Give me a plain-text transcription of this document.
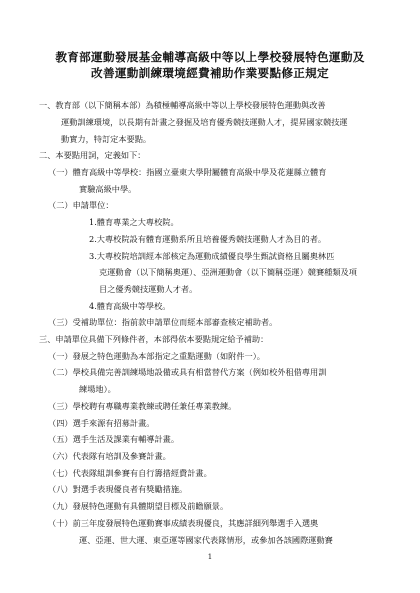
教育部運動發展基金輔導高級中等以上學校發展特色運動及
改善運動訓練環境經費補助作業要點修正規定
一、教育部（以下簡稱本部）為積極輔導高級中等以上學校發展特色運動與改善
運動訓練環境，以長期有計畫之發掘及培育優秀競技運動人才，提昇國家競技運
動實力，特訂定本要點。
二、本要點用詞，定義如下：
（一）體育高級中等學校：指國立臺東大學附屬體育高級中學及花蓮縣立體育
實驗高級中學。
（二）申請單位：
1.體育專業之大專校院。
2.大專校院設有體育運動系所且培養優秀競技運動人才為目的者。
3.大專校院培訓經本部核定為運動成績優良學生甄試資格且屬奧林匹
克運動會（以下簡稱奧運）、亞洲運動會（以下簡稱亞運）競賽種類及項
目之優秀競技運動人才者。
4.體育高級中等學校。
（三）受補助單位：指前款申請單位而經本部審查核定補助者。
三、申請單位具備下列條件者，本部得依本要點規定給予補助：
（一）發展之特色運動為本部指定之重點運動（如附件一）。
（二）學校具備完善訓練場地設備或具有相當替代方案（例如校外租借專用訓
練場地）。
（三）學校聘有專職專業教練或聘任兼任專業教練。
（四）選手來源有招募計畫。
（五）選手生活及課業有輔導計畫。
（六）代表隊有培訓及參賽計畫。
（七）代表隊組訓參賽有自行籌措經費計畫。
（八）對選手表現優良者有獎勵措施。
（九）發展特色運動有具體期望目標及前瞻願景。
（十）前三年度發展特色運動賽事成績表現優良，其應詳細列舉選手入選奧
運、亞運、世大運、東亞運等國家代表隊情形，或參加各該國際運動賽
1
